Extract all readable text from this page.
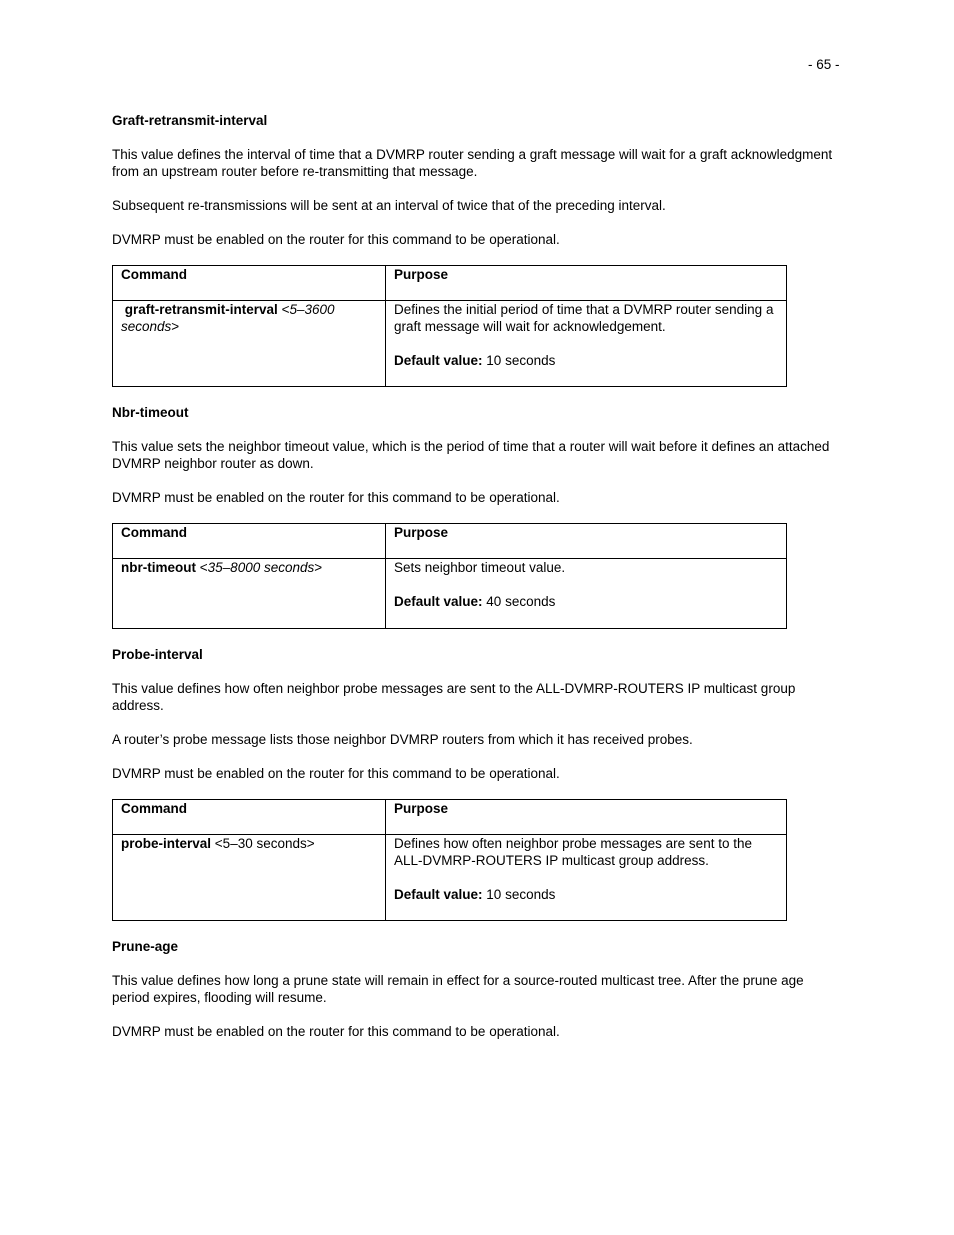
- 65 -
Graft-retransmit-interval

This value defines the interval of time that a DVMRP router sending a graft message will wait for a graft acknowledgment from an upstream router before re-transmitting that message.

Subsequent re-transmissions will be sent at an interval of twice that of the preceding interval.

DVMRP must be enabled on the router for this command to be operational.

Command	Purpose

graft-retransmit-interval <5–3600 seconds>	Defines the initial period of time that a DVMRP router sending a graft message will wait for acknowledgement.
Default value: 10 seconds
Nbr-timeout

This value sets the neighbor timeout value, which is the period of time that a router will wait before it defines an attached DVMRP neighbor router as down.

DVMRP must be enabled on the router for this command to be operational.

Command	Purpose
nbr-timeout <35–8000 seconds>	Sets neighbor timeout value.
Default value: 40 seconds
Probe-interval

This value defines how often neighbor probe messages are sent to the ALL-DVMRP-ROUTERS IP multicast group address.

A router’s probe message lists those neighbor DVMRP routers from which it has received probes.

DVMRP must be enabled on the router for this command to be operational.

Command	Purpose
probe-interval <5–30 seconds>	Defines how often neighbor probe messages are sent to the ALL-DVMRP-ROUTERS IP multicast group address.
Default value: 10 seconds
Prune-age

This value defines how long a prune state will remain in effect for a source-routed multicast tree. After the prune age period expires, flooding will resume.

DVMRP must be enabled on the router for this command to be operational.
